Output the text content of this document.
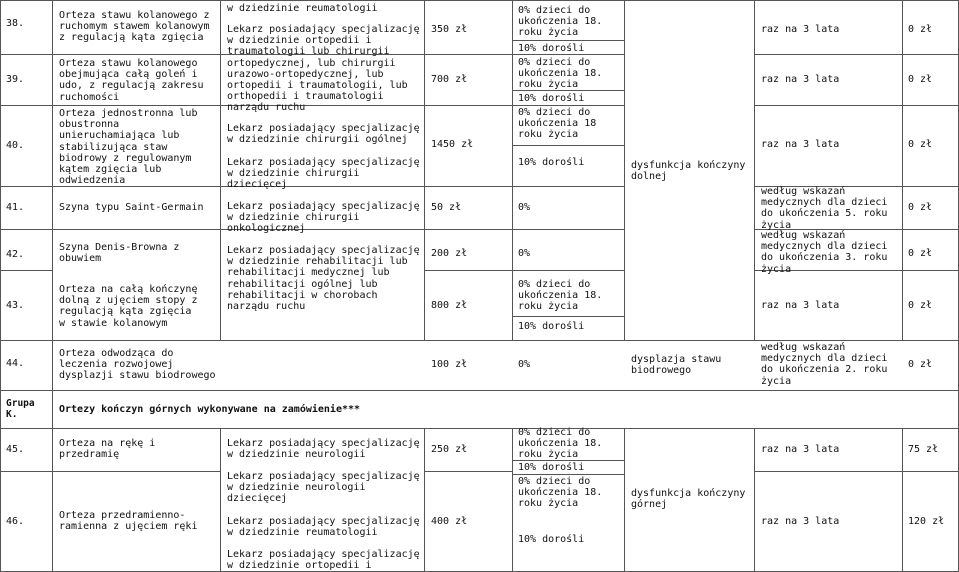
38.
Orteza stawu kolanowego z
ruchomym stawem kolanowym
z regulacją kąta zgięcia
39.
Orteza stawu kolanowego
obejmująca całą goleń i
udo, z regulacją zakresu
ruchomości
40.
Orteza jednostronna lub
obustronna
unieruchamiająca lub
stabilizująca staw
biodrowy z regulowanym
kątem zgięcia lub
odwiedzenia
41.	Szyna typu Saint-Germain
42.
Szyna Denis-Browna z
obuwiem
43.
Orteza na całą kończynę
dolną z ujęciem stopy z
regulacją kąta zgięcia
w stawie kolanowym
44.
Orteza odwodząca do
leczenia rozwojowej
dysplazji stawu biodrowego
Grupa
K.	Ortezy kończyn górnych wykonywane na zamówienie***
45.
Orteza na rękę i
przedramię
46.
Orteza przedramienno-
ramienna z ujęciem ręki
w dziedzinie reumatologii
Lekarz posiadający specjalizację
w dziedzinie ortopedii i
traumatologii lub chirurgii
ortopedycznej, lub chirurgii
urazowo-ortopedycznej, lub
ortopedii i traumatologii, lub
orthopedii i traumatologii
narządu ruchu
Lekarz posiadający specjalizację
w dziedzinie chirurgii ogólnej
Lekarz posiadający specjalizację
w dziedzinie chirurgii
dziecięcej
Lekarz posiadający specjalizację
w dziedzinie chirurgii
onkologicznej
Lekarz posiadający specjalizację
w dziedzinie rehabilitacji lub
rehabilitacji medycznej lub
rehabilitacji ogólnej lub
rehabilitacji w chorobach
narządu ruchu
Lekarz posiadający specjalizację
w dziedzinie neurologii
Lekarz posiadający specjalizację
w dziedzinie neurologii
dziecięcej
Lekarz posiadający specjalizację
w dziedzinie reumatologii
Lekarz posiadający specjalizację
w dziedzinie ortopedii i
350 zł
700 zł
1450 zł
50 zł
200 zł
800 zł
100 zł
250 zł
400 zł
0% dzieci do
ukończenia 18.
roku życia
10% dorośli
0% dzieci do
ukończenia 18.
roku życia
10% dorośli
0% dzieci do
ukończenia 18
roku życia
10% dorośli
0%
0%
0% dzieci do
ukończenia 18.
roku życia
10% dorośli
0%
0% dzieci do
ukończenia 18.
roku życia
10% dorośli
0% dzieci do
ukończenia 18.
roku życia
10% dorośli
dysfunkcja kończyny
dolnej
dysplazja stawu
biodrowego
dysfunkcja kończyny
górnej
raz na 3 lata
raz na 3 lata
raz na 3 lata
według wskazań
medycznych dla dzieci
do ukończenia 5. roku
życia
według wskazań
medycznych dla dzieci
do ukończenia 3. roku
życia
raz na 3 lata
według wskazań
medycznych dla dzieci
do ukończenia 2. roku
życia
raz na 3 lata
raz na 3 lata
0 zł
0 zł
0 zł
0 zł
0 zł
0 zł
0 zł
75 zł
120 zł
